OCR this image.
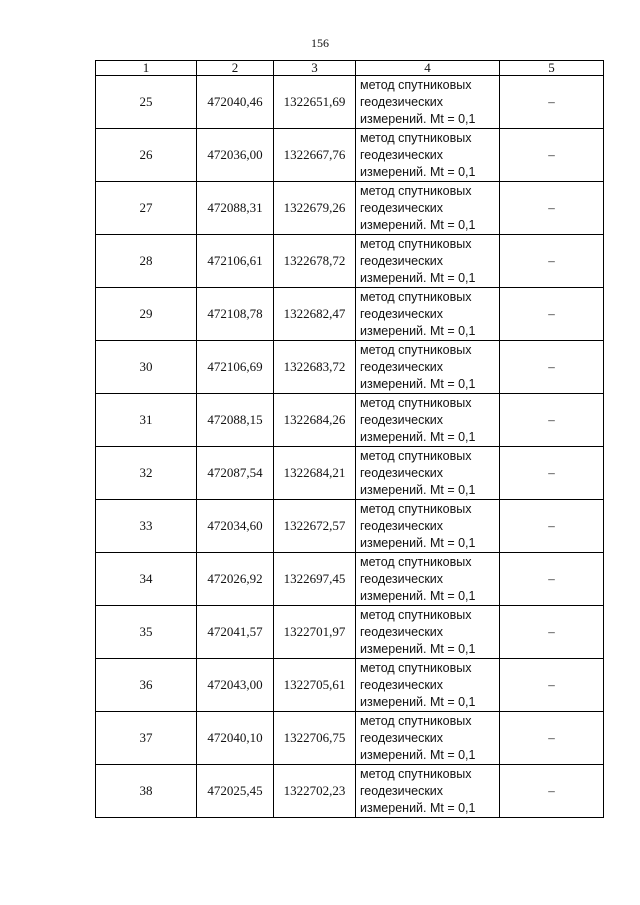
156
1	2	3	4	5
25	472040,46	1322651,69	метод спутниковых
геодезических
измерений. Mt = 0,1	–
26	472036,00	1322667,76	метод спутниковых
геодезических
измерений. Mt = 0,1	–
27	472088,31	1322679,26	метод спутниковых
геодезических
измерений. Mt = 0,1	–
28	472106,61	1322678,72	метод спутниковых
геодезических
измерений. Mt = 0,1	–
29	472108,78	1322682,47	метод спутниковых
геодезических
измерений. Mt = 0,1	–
30	472106,69	1322683,72	метод спутниковых
геодезических
измерений. Mt = 0,1	–
31	472088,15	1322684,26	метод спутниковых
геодезических
измерений. Mt = 0,1	–
32	472087,54	1322684,21	метод спутниковых
геодезических
измерений. Mt = 0,1	–
33	472034,60	1322672,57	метод спутниковых
геодезических
измерений. Mt = 0,1	–
34	472026,92	1322697,45	метод спутниковых
геодезических
измерений. Mt = 0,1	–
35	472041,57	1322701,97	метод спутниковых
геодезических
измерений. Mt = 0,1	–
36	472043,00	1322705,61	метод спутниковых
геодезических
измерений. Mt = 0,1	–
37	472040,10	1322706,75	метод спутниковых
геодезических
измерений. Mt = 0,1	–
38	472025,45	1322702,23	метод спутниковых
геодезических
измерений. Mt = 0,1	–
